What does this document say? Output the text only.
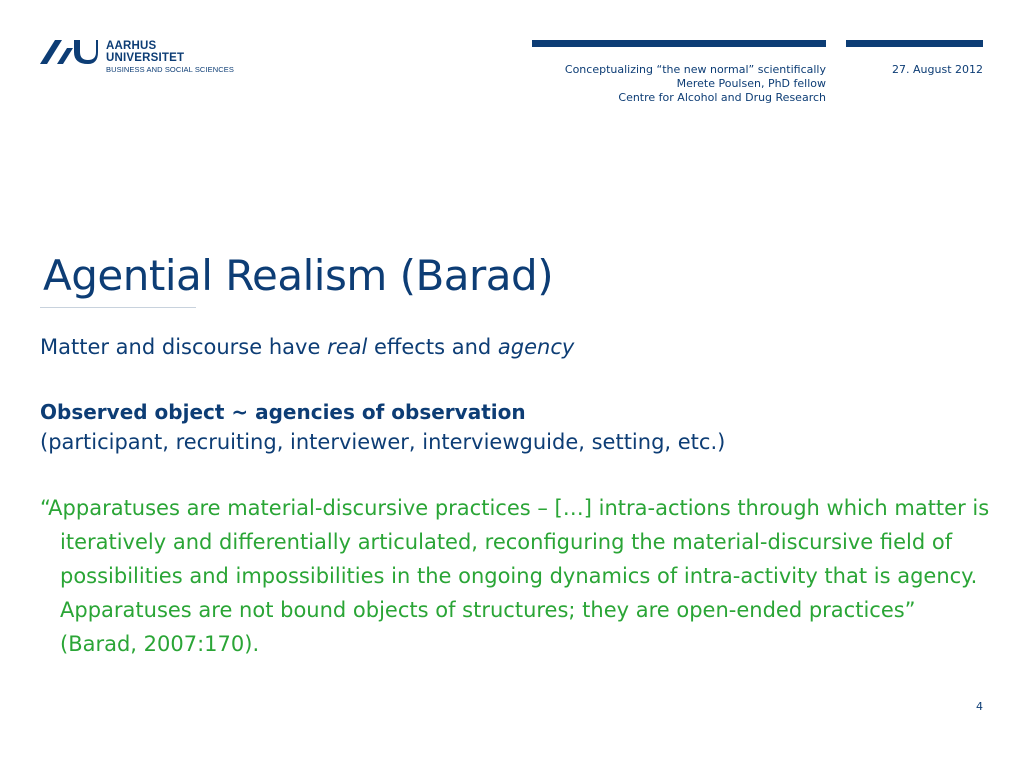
AARHUS
UNIVERSITET
BUSINESS AND SOCIAL SCIENCES	Conceptualizing “the new normal” scientifically
Merete Poulsen, PhD fellow
Centre for Alcohol and Drug Research
27. August 2012
Agential Realism (Barad)

Matter and discourse have real effects and agency

Observed object ~ agencies of observation

(participant, recruiting, interviewer, interviewguide, setting, etc.)

“Apparatuses are material-discursive practices – […] intra-actions through which matter is iteratively and differentially articulated, reconfiguring the material-discursive field of possibilities and impossibilities in the ongoing dynamics of intra-activity that is agency. Apparatuses are not bound objects of structures; they are open-ended practices” (Barad, 2007:170).

4
